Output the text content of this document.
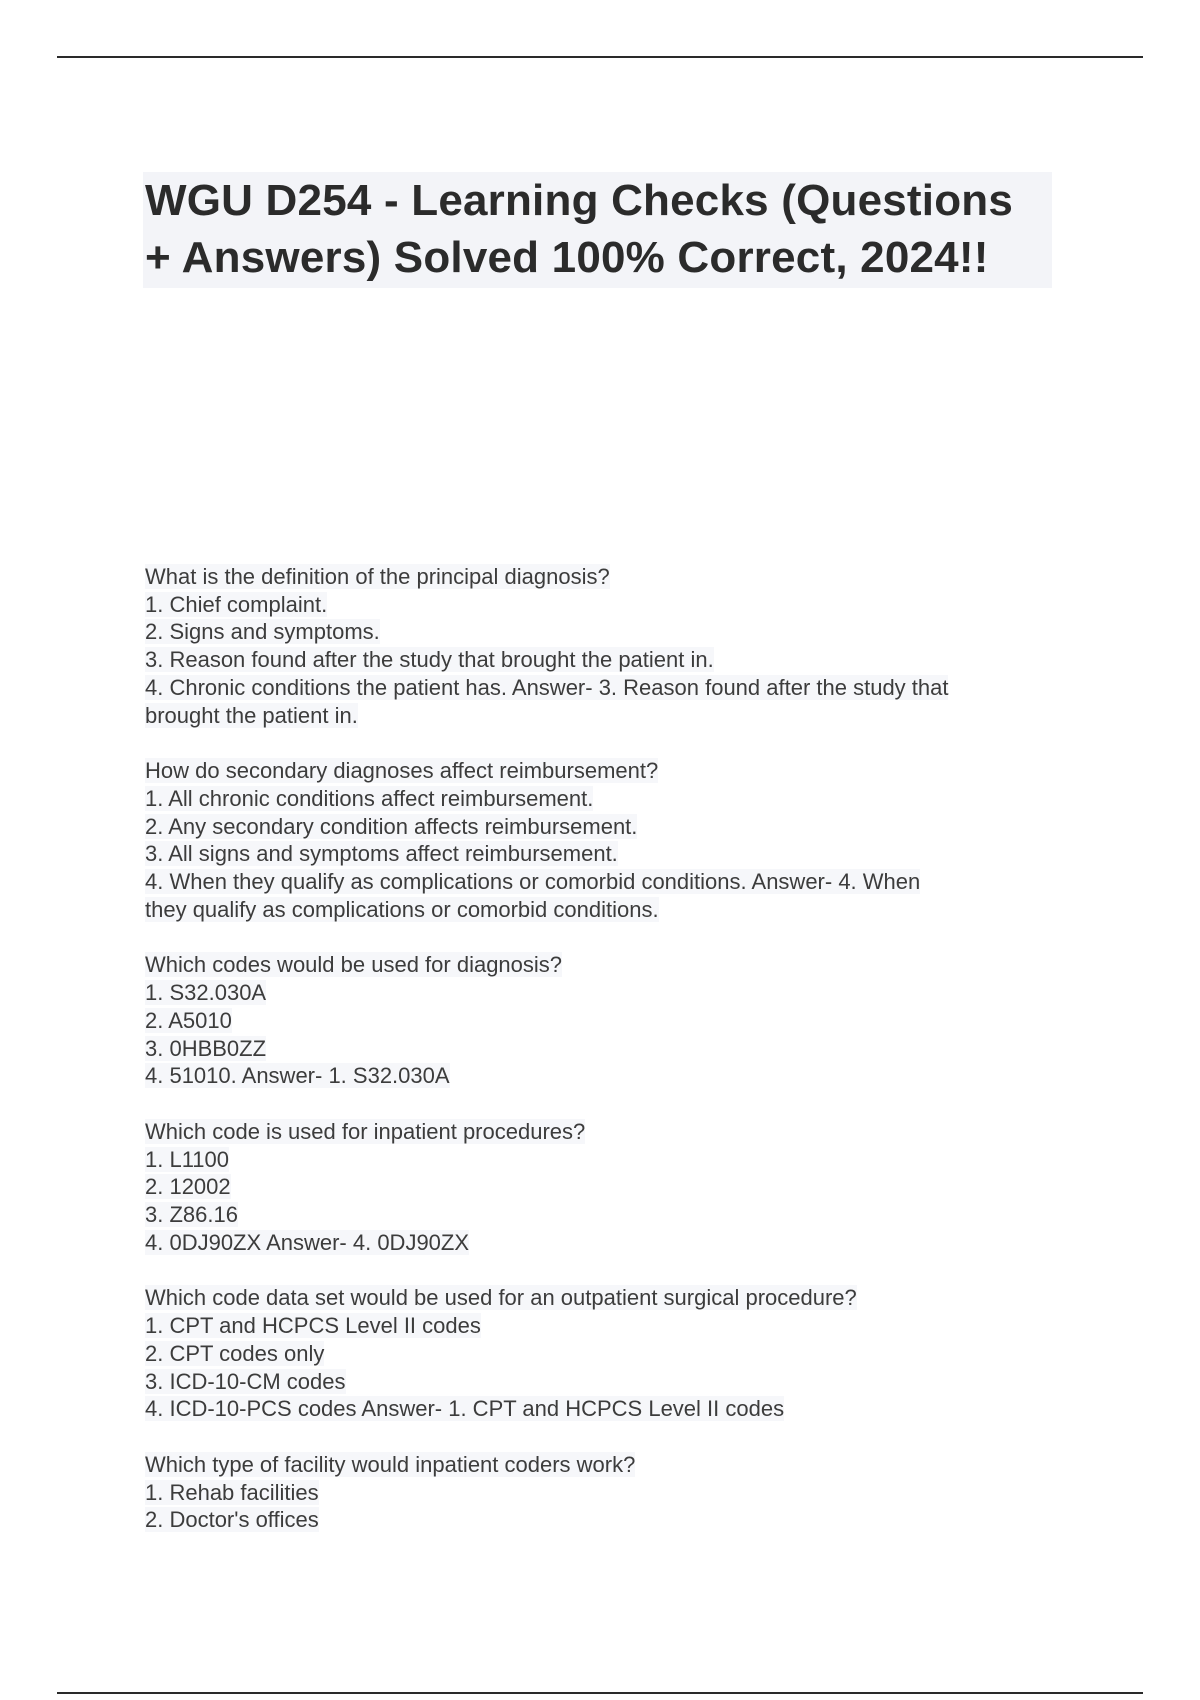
WGU D254 - Learning Checks (Questions + Answers) Solved 100% Correct, 2024!!
What is the definition of the principal diagnosis?
1. Chief complaint.
2. Signs and symptoms.
3. Reason found after the study that brought the patient in.
4. Chronic conditions the patient has. Answer- 3. Reason found after the study that
brought the patient in.
How do secondary diagnoses affect reimbursement?
1. All chronic conditions affect reimbursement.
2. Any secondary condition affects reimbursement.
3. All signs and symptoms affect reimbursement.
4. When they qualify as complications or comorbid conditions. Answer- 4. When
they qualify as complications or comorbid conditions.
Which codes would be used for diagnosis?
1. S32.030A
2. A5010
3. 0HBB0ZZ
4. 51010. Answer- 1. S32.030A
Which code is used for inpatient procedures?
1. L1100
2. 12002
3. Z86.16
4. 0DJ90ZX Answer- 4. 0DJ90ZX
Which code data set would be used for an outpatient surgical procedure?
1. CPT and HCPCS Level II codes
2. CPT codes only
3. ICD-10-CM codes
4. ICD-10-PCS codes Answer- 1. CPT and HCPCS Level II codes
Which type of facility would inpatient coders work?
1. Rehab facilities
2. Doctor's offices
